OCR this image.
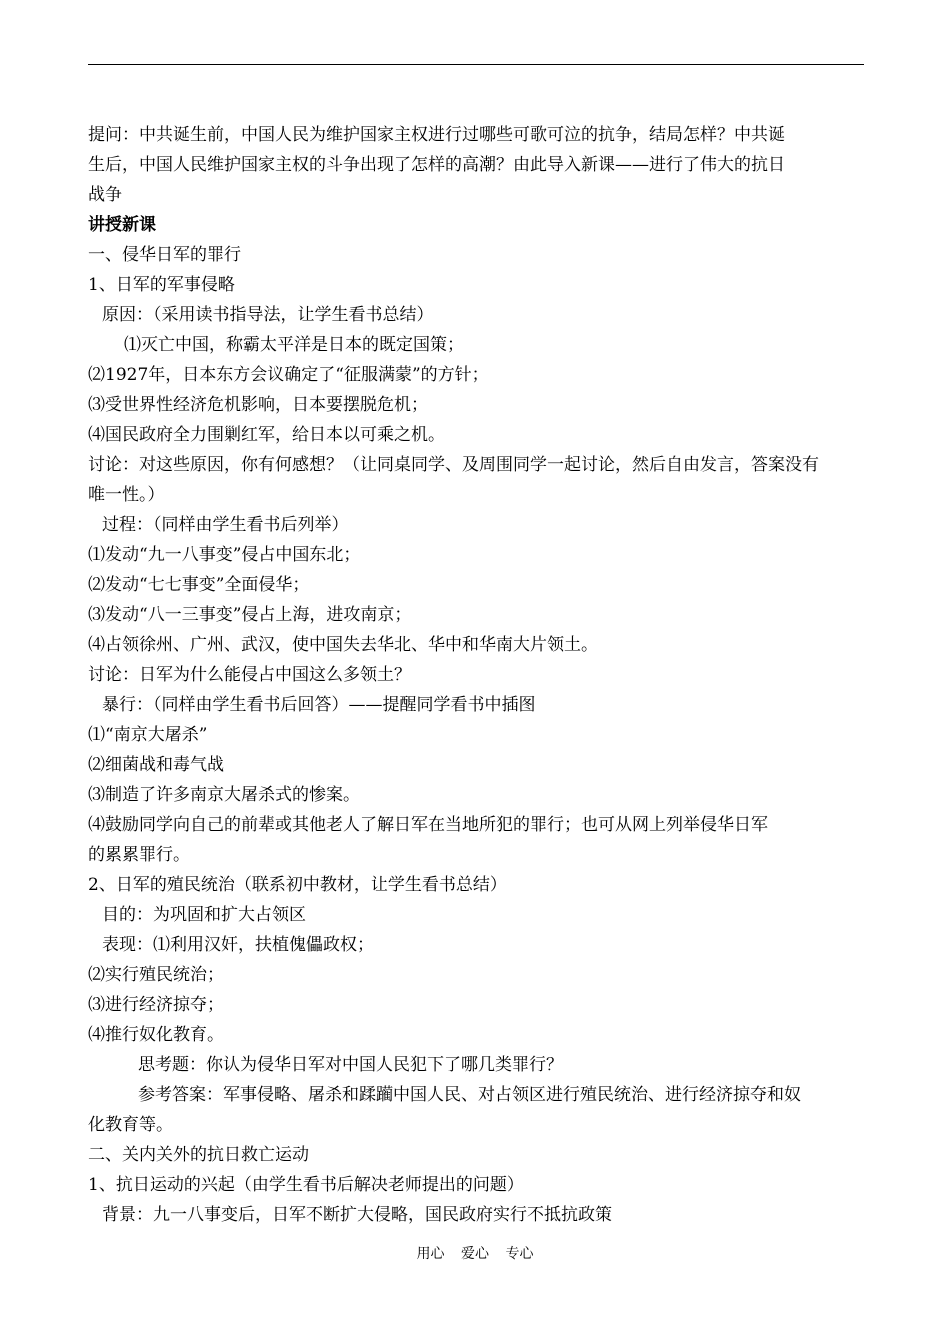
提问：中共诞生前，中国人民为维护国家主权进行过哪些可歌可泣的抗争，结局怎样？中共诞
生后，中国人民维护国家主权的斗争出现了怎样的高潮？由此导入新课——进行了伟大的抗日
战争
讲授新课
一、侵华日军的罪行
1、日军的军事侵略
原因：（采用读书指导法，让学生看书总结）
⑴灭亡中国，称霸太平洋是日本的既定国策；
⑵1927年，日本东方会议确定了“征服满蒙”的方针；
⑶受世界性经济危机影响，日本要摆脱危机；
⑷国民政府全力围剿红军，给日本以可乘之机。
讨论：对这些原因，你有何感想？（让同桌同学、及周围同学一起讨论，然后自由发言，答案没有
唯一性。）
过程：（同样由学生看书后列举）
⑴发动“九一八事变”侵占中国东北；
⑵发动“七七事变”全面侵华；
⑶发动“八一三事变”侵占上海，进攻南京；
⑷占领徐州、广州、武汉，使中国失去华北、华中和华南大片领土。
讨论：日军为什么能侵占中国这么多领土？
暴行：（同样由学生看书后回答）——提醒同学看书中插图
⑴“南京大屠杀”
⑵细菌战和毒气战
⑶制造了许多南京大屠杀式的惨案。
⑷鼓励同学向自己的前辈或其他老人了解日军在当地所犯的罪行；也可从网上列举侵华日军
的累累罪行。
2、日军的殖民统治（联系初中教材，让学生看书总结）
目的：为巩固和扩大占领区
表现：⑴利用汉奸，扶植傀儡政权；
⑵实行殖民统治；
⑶进行经济掠夺；
⑷推行奴化教育。
思考题：你认为侵华日军对中国人民犯下了哪几类罪行？
参考答案：军事侵略、屠杀和蹂躏中国人民、对占领区进行殖民统治、进行经济掠夺和奴
化教育等。
二、关内关外的抗日救亡运动
1、抗日运动的兴起（由学生看书后解决老师提出的问题）
背景：九一八事变后，日军不断扩大侵略，国民政府实行不抵抗政策
用心 爱心 专心
